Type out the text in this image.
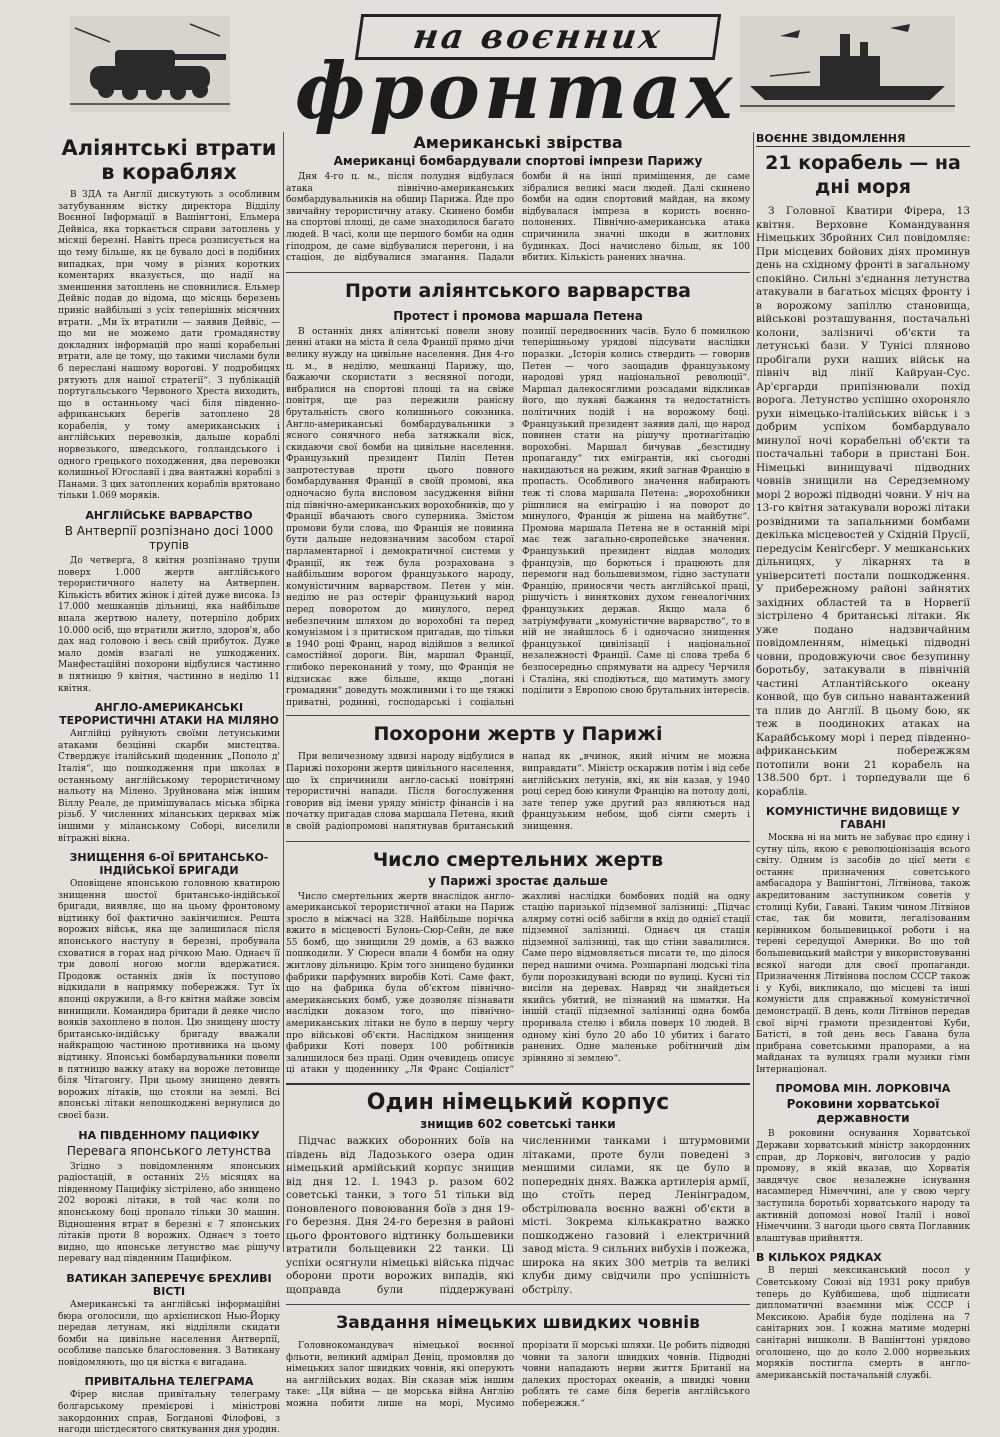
на воєнних
фронтах
Аліянтські втрати в кораблях

В ЗДА та Англії дискутують з особливим затубуванням вістку директора Відділу Воєнної Інформації в Вашінгтоні, Ельмера Дейвіса, яка торкається справи затоплень у місяці березні. Навіть преса розписується на що тему більше, як це бувало досі в подібних випадках, при чому в різних коротких коментарях вказується, що надії на зменшення затоплень не сповнилися. Ельмер Дейвіс подав до відома, що місяць березень приніс найбільші з усіх теперішніх місячних втрати. „Ми їх втратили — заявив Дейвіс, — що ми не можемо дати громадянству докладних інформацій про наші корабельні втрати, але це тому, що такими числами були б переслані нашому ворогові. У подробицях рятують для нашої стратегії“. З публікацій португальського Червоного Хреста виходить, що в останньому часі біля південно-африканських берегів затоплено 28 корабелів, у тому американських і англійських перевозків, дальше кораблі норвезького, шведського, голландського і одного грецького походження, два перевозки колишньої Югославії і два вантажні кораблі з Панами. З цих затоплених кораблів врятовано тільки 1.069 моряків.

АНГЛІЙСЬКЕ ВАРВАРСТВО
В Антверпії розпізнано досі 1000 трупів

До четверга, 8 квітня розпізнано трупи поверх 1.000 жертв англійського терористичного налету на Антверпен. Кількість вбитих жінок і дітей дуже висока. Із 17.000 мешканців дільниці, яка найбільше впала жертвою налету, потерпіло добрих 10.000 осіб, що втратили житло, здоров'я, або дах над головою і весь свій прибуток. Дуже мало домів взагалі не ушкоджених. Манфестаційні похорони відбулися частинно в пятницю 9 квітня, частинно в неділю 11 квітня.

АНГЛО-АМЕРИКАНСЬКІ ТЕРОРИСТИЧНІ АТАКИ НА МІЛЯНО

Англійці руйнують своїми летунськими атаками безцінні скарби мистецтва. Стверджує італійський щоденник „Пополо д' Італія“, що пошкодження при школах в останньому англійському терористичному нальоту на Мілено. Зруйнована між іншим Віллу Реале, де примішувалась міська збірка різьб. У численних міланських церквах між іншими у міланському Соборі, виселили вітражні вікна.

ЗНИЩЕННЯ 6-ОЇ БРИТАНСЬКО-ІНДІЙСЬКОЇ БРИГАДИ

Оповіщене японською головною кватирою знищення шостої британсько-індійської бригади, виявляє, що на цьому фронтовому відтинку бої фактично закінчилися. Решта ворожих військ, яка ще залишилася після японського наступу в березні, пробувала сховатися в горах над річкою Маю. Однаєч її три доволі ногою могли вдержатися. Продовж останніх днів їх поступово відкидали в напрямку побережжя. Тут їх японці окружили, а 8-го квітня майже зовсім винищили. Командира бригади й деяке число вояків захоплено в полон. Цю знищену шосту британсько-індійську бригаду вважали найкращою частиною противника на цьому відтинку. Японські бомбардувальники повели в пятницю важку атаку на вороже летовище біля Чітагонгу. При цьому знищено девять ворожих літаків, що стояли на землі. Всі японські літаки непошкоджені вернулися до своєї бази.

НА ПІВДЕННОМУ ПАЦИФІКУ
Перевага японського летунства

Згідно з повідомленням японських радіостацій, в останніх 2½ місяцях на південному Пацифіку зістрілено, або знищено 202 ворожі літаки, в той час коли по японському боці пропало тільки 30 машин. Відношення втрат в березні є 7 японських літаків проти 8 ворожих. Однаєч з тоето видно, що японське летунство має рішучу перевагу над південним Пацифіком.

ВАТИКАН ЗАПЕРЕЧУЄ БРЕХЛИВІ ВІСТІ

Американські та англійські інформаційні бюра оголосили, що архієпископ Нью-Йорку передав летунам, які відділяли скидати бомби на цивільне населення Антверпії, особливе папське благословення. З Ватикану повідомляють, що ця вістка є вигадана.

ПРИВІТАЛЬНА ТЕЛЕГРАМА

Фірер вислав привітальну телеграму болгарському премієрові і міністрові закордонних справ, Богданові Філофові, з нагоди шістдесятого святкування дня уродин.

Американські звірства
Американці бомбардували спортові імпрези Парижу

Дня 4-го ц. м., після полудня відбулася атака північно-американських бомбардувальників на обшир Парижа. Йде про звичайну терористичну атаку. Скинено бомби на спортові площі, де саме знаходилося багато людей. В часі, коли ще першого бомби на один гіподром, де саме відбувалися перегони, і на стаціон, де відбувалися змагання. Падали бомби й на інші приміщення, де саме зібралися великі маси людей. Далі скинено бомби на один спортовий майдан, на якому відбувалася імпреза в користь воєнно-полонених. Північно-американська атака спричинила значні шкоди в житлових будинках. Досі начислено більш, як 100 вбитих. Кількість ранених значна.

Проти аліянтського варварства
Протест і промова маршала Петена

В останніх днях аліянтські повели знову денні атаки на міста й села Франції прямо дічи велику нужду на цивільне населення. Дня 4-го ц. м., в неділю, мешканці Парижу, що, бажаючи скористати з весняної погоди, вибралися на спортові площі та на свіже повітря, ще раз пережили ранісну брутальність свого колишнього союзника. Англо-американські бомбардувальники з ясного сонячного неба затяжкали віск, скидаючи свої бомби на цивільне населення. Французький президент Пиліп Петен запротестував проти цього повного бомбардування Франції в своїй промові, яка одночасно була висловом засудження війни під північно-американських ворохобників, що у Франції вбачають свого суперника. Змістом промови були слова, що Франція не повинна бути дальше недовзначним засобом старої парламентарної і демократичної системи у Франції, як теж була розрахована з найбільшим ворогом французького народу, комуністичним варварством. Петен у мін. неділю не раз остеріг французький народ перед поворотом до минулого, перед небезпечним шляхом до ворохобні та перед комунізмом і з притиском пригадав, що тільки в 1940 році Франц, народ відійшов з великої самостійної дороги. Він, маршал Франції, глибоко переконаний у тому, що Франція не відзискає вже більше, якщо „погані громадяни“ доведуть можливими і то ще тяжкі приватні, родинні, господарські і соціальні позиції передвоєнних часів. Було б помилкою теперішньому урядові підсувати наслідки поразки. „Історія колись ствердить — говорив Петен — чого заощадив французькому народові уряд національної революції“. Маршал далекосяглими розсадами відкликав його, що лукаві бажання та недостатність політичних подій і на ворожому боці. Французький президент заявив далі, що народ повинен стати на рішучу протиагітацію ворохобні. Маршал бичував „безстидну пропаганду“ тих емігрантів, які сьогодні накидаються на режим, який загнав Францію в пропасть. Особливого значення набирають теж ті слова маршала Петена: „ворохобники рішилися на еміграцію і на поворот до минулого, Франція ж рішена на майбутнє“. Промова маршала Петена не в останній мірі має теж загально-європейське значення. Французький президент віддав молодих французів, що борються і працюють для перемоги над большевизмом, гідно заступати Францію, приносячи честь англійської праці, рішучість і виняткових духом генеалогічних французьких держав. Якщо мала б затріумфувати „комуністичне варварство“, то в ній не знайшлось б і одночасно знищення французької цивілізації і національної незалежності Франції. Саме ці слова треба б безпосередньо спрямувати на адресу Черчиля і Сталіна, які сподіються, що матимуть змогу поділити з Европою свою брутальних інтересів.

Похорони жертв у Парижі

При величезному здвизі народу відбулися в Парижі похорони жертв цивільного населення, що їх спричинили англо-саські повітряні терористичні напади. Після богослуження говорив від імени уряду міністр фінансів і на початку пригадав слова маршала Петена, який в своїй радіопромові напятнував британський напад як „вчинок, який нічим не можна виправдати“. Міністр оскаржив потім і від себе англійських летунів, які, як він казав, у 1940 році серед бою кинули Францію на потолу долі, зате тепер уже другий раз являються над французьким небом, щоб сіяти смерть і знищення.

Число смертельних жертв
у Парижі зростає дальше

Число смертельних жертв внаслідок англо-американської терористичної атаки на Париж зросло в міжчасі на 328. Найбільше порічка вжито в місцевості Булонь-Сюр-Сейн, де вже 55 бомб, що знищили 29 домів, а 63 важко пошкодили. У Сюресн впали 4 бомби на одну житлову дільницю. Крім того знищено будинки фабрики парфумних виробів Коті. Саме факт, що на фабрика була об'єктом північно-американських бомб, уже дозволяє пізнавати наслідки доказом того, що північно-американських літаки не було в першу чергу про військові об'єкти. Наслідком знищення фабрики Коті поверх 100 робітників залишилося без праці. Один очевидець описує ці атаки у щоденнику „Ля Франс Соціаліст“ жахливі наслідки бомбових подій на одну стацію паризької підземної залізниці: „Підчас алярму сотні осіб забігли в вхід до однієї стації підземної залізниці. Однаєч ця стація підземної залізниці, так що стіни завалилися. Саме перо відмовляється писати те, що ділося перед нашими очима. Розшарпані людські тіла були порозкидувані всюди по вулиці. Кусні тіл висіли на деревах. Навряд чи знайдеться якийсь убитий, не пізнаний на шматки. На іншій стації підземної залізниці одна бомба проривала стелю і вбила поверх 10 людей. В одному кіні було 20 або 10 убитих і багато ранених. Одне маленьке робітничий дім зрівняно зі землею“.

Один німецький корпус
знищив 602 советські танки

Підчас важких оборонних боїв на південь від Ладозького озера один німецький армійський корпус знищив від дня 12. І. 1943 р. разом 602 советські танки, з того 51 тільки від поновленого повоювання боїв з дня 19-го березня. Дня 24-го березня в районі цього фронтового відтинку большевики втратили больщевики 22 танки. Ці успіхи осягнули німецькі війська підчас оборони проти ворожих випадів, які щоправда були піддержувані численними танками і штурмовими літаками, проте були поведені з меншими силами, як це було в попередніх днях. Важка артилерія армії, що стоїть перед Ленінградом, обстрілювала воєнно важні об'єкти в місті. Зокрема кількакратно важко пошкоджено газовий і електричний завод міста. 9 сильних вибухів і пожежа, широка на яких 300 метрів та великі клуби диму свідчили про успішність обстрілу.

Завдання німецьких швидких човнів

Головнокомандувач німецької воєнної фльоти, великий адмірал Деніц, промовляв до німецьких залог швидких човнів, які оперують на англійських водах. Він сказав між іншим таке: „Ця війна — це морська війна Англію можна побити лише на морі, Мусимо прорізати її морські шляхи. Це робить підводні човни та залоги швидких човнів. Підводні човни нападають нерви життя Британії на далеких просторах океанів, а швидкі човни роблять те саме біля берегів англійського побережжя.“

ВОЄННЕ ЗВІДОМЛЕННЯ
21 корабель — на дні моря

З Головної Кватири Фірера, 13 квітня. Верховне Командування Німецьких Збройних Сил повідомляє: При місцевих бойових діях проминув день на східному фронті в загальному спокійно. Сильні з'єднання летунства атакували в багатьох місцях фронту і в ворожому запіллю становища, військові розташування, постачальні колони, залізничі об'єкти та летунські бази. У Тунісі пляново пробігали рухи наших військ на північ від лінії Кайруан-Сус. Ар'єргарди припізнювали похід ворога. Летунство успішно охороняло рухи німецько-італійських військ і з добрим успіхом бомбардувало минулої ночі корабельні об'єкти та постачальні табори в пристані Бон. Німецькі винищувачі підводних човнів знищили на Середземному морі 2 ворожі підводні човни. У ніч на 13-го квітня затакували ворожі літаки розвідними та запальними бомбами декілька місцевостей у Східній Прусії, передусім Кенігсберг. У мешканських дільницях, у лікарнях та в університеті постали пошкодження. У прибережному районі зайнятих західних областей та в Норвегії зістрілено 4 британські літаки. Як уже подано надзвичайним повідомленням, німецькі підводні човни, продовжуючи своє безупинну боротьбу, затакували в північній частині Атлантійського океану конвой, що був сильно навантажений та плив до Англії. В цьому бою, як теж в поодиноких атаках на Карайбському морі і перед південно-африканським побережжям потопили вони 21 корабель на 138.500 брт. і торпедували ще 6 кораблів.

КОМУНІСТИЧНЕ ВИДОВИЩЕ У ГАВАНІ

Москва ні на мить не забуває про єдину і сутну ціль, якою є революціонізація всього світу. Одним із засобів до цієї мети є останнє призначення советського амбасадора у Вашінгтоні, Літвінова, також акредитованим заступником советів у столиці Куби, Гавані. Таким чином Літвінов стає, так би мовити, легалізованим керівником большевицької роботи і на терені середущої Америки. Во що той большевицький майстри у використовуванні всякої нагоди для своєї пропаганди. Призначення Літвінова послом СССР також і у Кубі, викликало, що місцеві та інші комуністи для справжньої комуністичної демонстрації. В день, коли Літвінов передав свої вірчі грамоти президентові Куби, Батісті, в той день весь Гавана була прибрана советськими прапорами, а на майданах та вулицях грали музики гімн Інтернаціонал.

ПРОМОВА МІН. ЛОРКОВІЧА
Роковини хорватської державности

В роковини оснування Хорватської Держави хорватський міністр закордонних справ, др Лорковіч, виголосив у радіо промову, в якій вказав, що Хорватія завдячує своє незалежне існування насамперед Німеччині, але у свою чергу заступила боротьбі хорватського народу та активній допомозі нової Італії і нової Німеччини. З нагоди цього свята Поглавник влаштував прийняття.

В КІЛЬКОХ РЯДКАХ

В перші мексиканський посол у Советському Союзі від 1931 року прибув теперь до Куйбишева, щоб підписати дипломатичні взаємини між СССР і Мексикою. Арабія буде поділена на 7 санітарних зон. І кожна матиме модерні санітарні вишколи. В Вашінгтоні урядово оголошено, що до коло 2.000 норвезьких моряків постигла смерть в англо-американській постачальній службі.
